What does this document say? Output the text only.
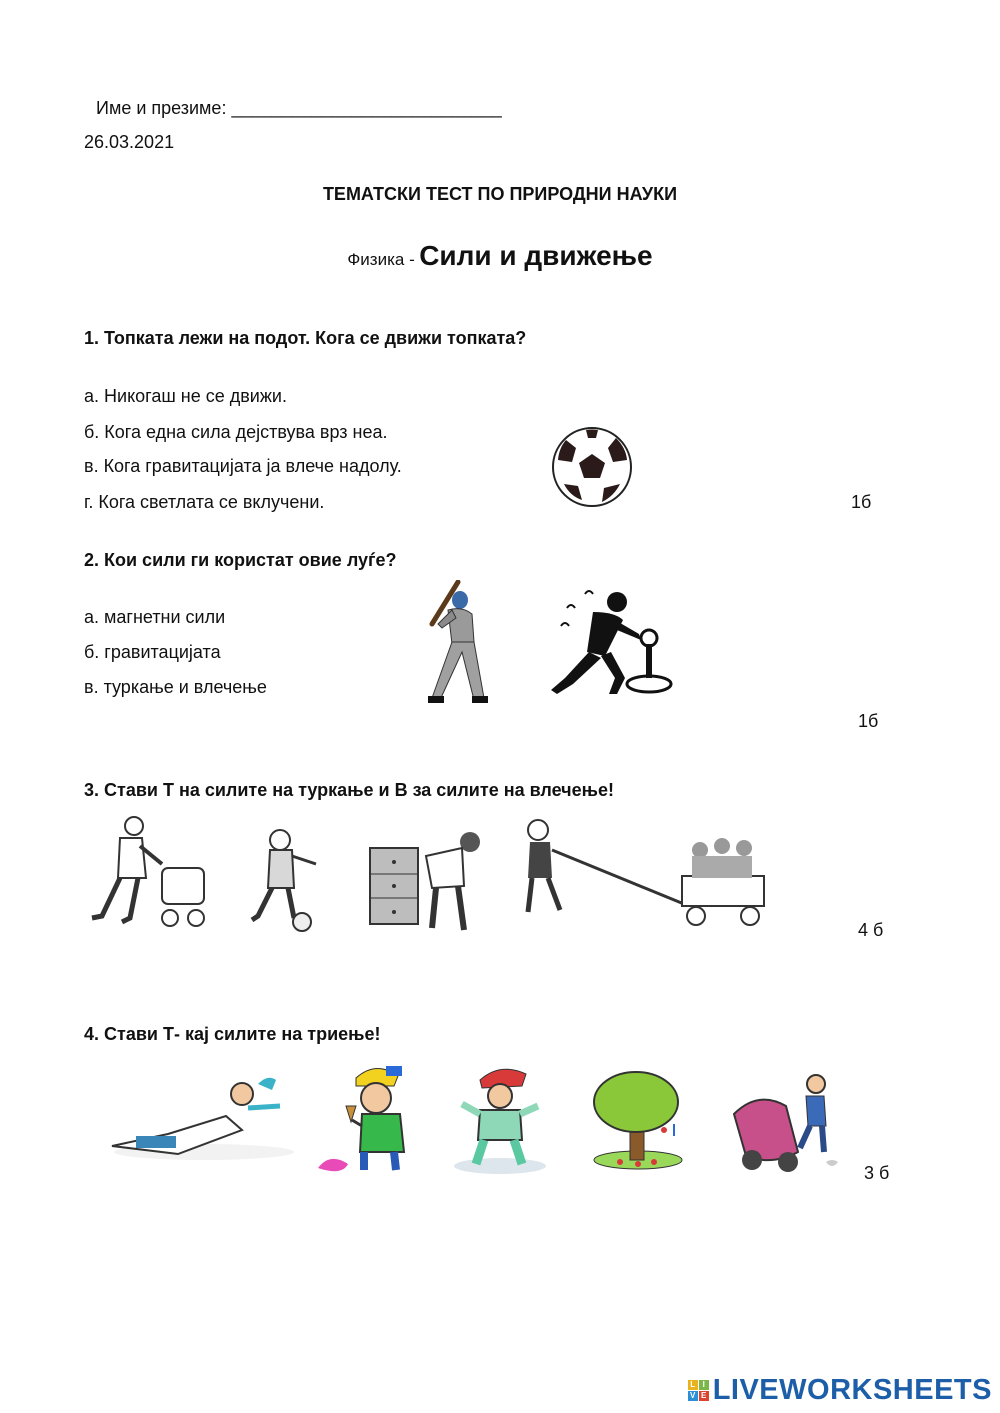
Име и презиме: ___________________________
26.03.2021
ТЕМАТСКИ ТЕСТ ПО ПРИРОДНИ НАУКИ
Физика - Сили и движење
1. Топката лежи на подот. Кога се движи топката?
а. Никогаш не се движи.
б. Кога една сила дејствува врз неа.
в. Кога гравитацијата ја влече надолу.
г. Кога светлата се вклучени.	1б
2. Кои сили ги користат овие луѓе?
а. магнетни сили
б. гравитацијата
в. туркање и влечење
1б
3. Стави Т на силите на туркање и В за силите на влечење!
4 б
4. Стави Т- кај силите на триење!
3 б
L I
V E LIVEWORKSHEETS
